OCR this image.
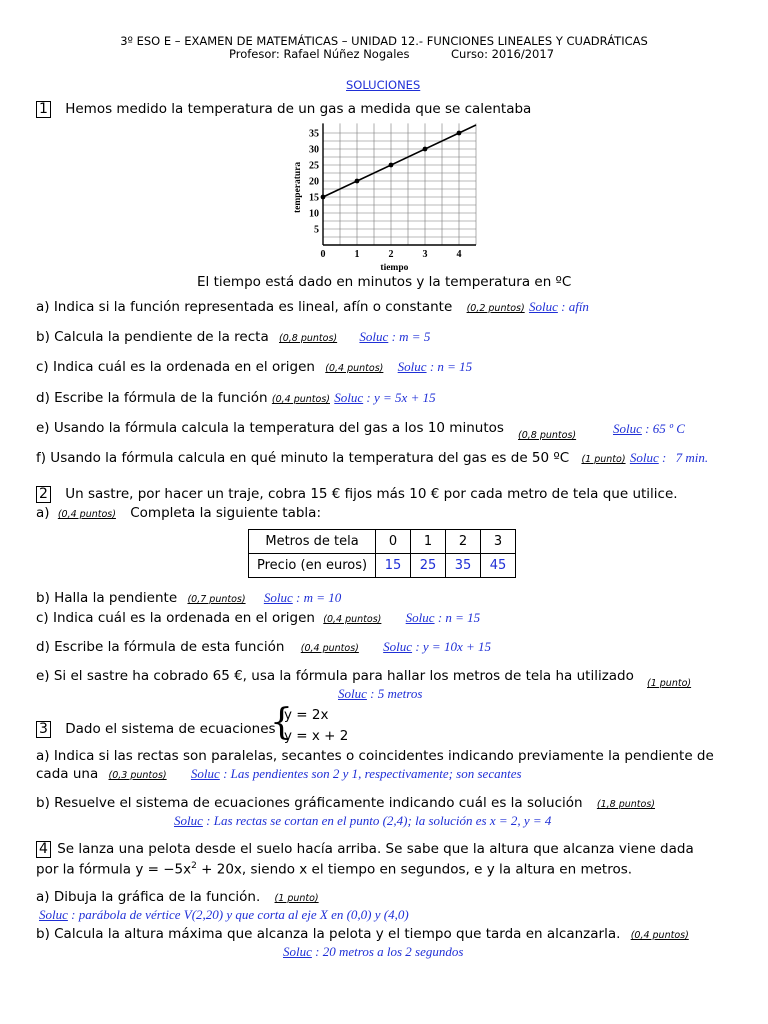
3º ESO E – EXAMEN DE MATEMÁTICAS – UNIDAD 12.- FUNCIONES LINEALES Y CUADRÁTICAS
Profesor: Rafael Núñez Nogales	Curso: 2016/2017
SOLUCIONES
1 Hemos medido la temperatura de un gas a medida que se calentaba
0	1	2	3	4
5
10
15
20
25
30
35
tiempo
temperatura
El tiempo está dado en minutos y la temperatura en ºC
a) Indica si la función representada es lineal, afín o constante (0,2 puntos) Soluc : afín
b) Calcula la pendiente de la recta (0,8 puntos) Soluc : m = 5
c) Indica cuál es la ordenada en el origen (0,4 puntos) Soluc : n = 15
d) Escribe la fórmula de la función (0,4 puntos) Soluc : y = 5x + 15
e) Usando la fórmula calcula la temperatura del gas a los 10 minutos (0,8 puntos)	Soluc : 65 º C
f) Usando la fórmula calcula en qué minuto la temperatura del gas es de 50 ºC (1 punto) Soluc : 7 min.
2 Un sastre, por hacer un traje, cobra 15 € fijos más 10 € por cada metro de tela que utilice.
a) (0,4 puntos) Completa la siguiente tabla:
Metros de tela	0	1	2	3
Precio (en euros)	15	25	35	45
b) Halla la pendiente (0,7 puntos) Soluc : m = 10
c) Indica cuál es la ordenada en el origen (0,4 puntos) Soluc : n = 15
d) Escribe la fórmula de esta función (0,4 puntos) Soluc : y = 10x + 15
e) Si el sastre ha cobrado 65 €, usa la fórmula para hallar los metros de tela ha utilizado (1 punto)
Soluc : 5 metros
3 Dado el sistema de ecuaciones
{
y = 2x
y = x + 2
a) Indica si las rectas son paralelas, secantes o coincidentes indicando previamente la pendiente de
cada una (0,3 puntos) Soluc : Las pendientes son 2 y 1, respectivamente; son secantes
b) Resuelve el sistema de ecuaciones gráficamente indicando cuál es la solución (1,8 puntos)
Soluc : Las rectas se cortan en el punto (2,4); la solución es x = 2, y = 4
4 Se lanza una pelota desde el suelo hacía arriba. Se sabe que la altura que alcanza viene dada
por la fórmula $y = -5x^2 + 20x$, siendo x el tiempo en segundos, e y la altura en metros.
a) Dibuja la gráfica de la función. (1 punto)
Soluc : parábola de vértice V(2,20) y que corta al eje X en (0,0) y (4,0)
b) Calcula la altura máxima que alcanza la pelota y el tiempo que tarda en alcanzarla. (0,4 puntos)
Soluc : 20 metros a los 2 segundos
